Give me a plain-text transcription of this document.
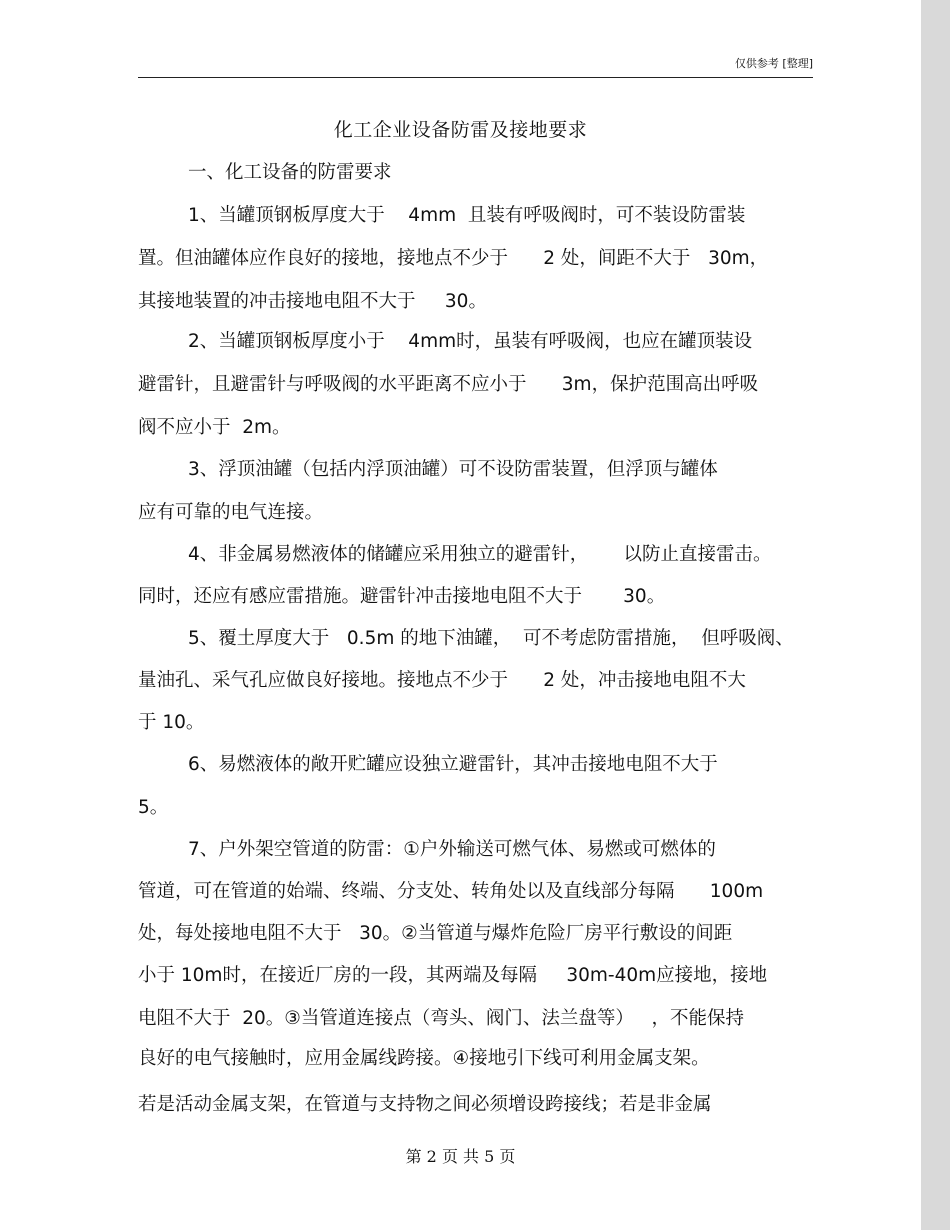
仅供参考 [整理]
化工企业设备防雷及接地要求
一、化工设备的防雷要求
1、当罐顶钢板厚度大于    4mm  且装有呼吸阀时，可不装设防雷装
置。但油罐体应作良好的接地，接地点不少于      2 处，间距不大于   30m，
其接地装置的冲击接地电阻不大于     30。
2、当罐顶钢板厚度小于    4mm时，虽装有呼吸阀，也应在罐顶装设
避雷针，且避雷针与呼吸阀的水平距离不应小于      3m，保护范围高出呼吸
阀不应小于  2m。
3、浮顶油罐（包括内浮顶油罐）可不设防雷装置，但浮顶与罐体
应有可靠的电气连接。
4、非金属易燃液体的储罐应采用独立的避雷针，      以防止直接雷击。
同时，还应有感应雷措施。避雷针冲击接地电阻不大于       30。
5、覆土厚度大于   0.5m 的地下油罐，  可不考虑防雷措施，  但呼吸阀、
量油孔、采气孔应做良好接地。接地点不少于      2 处，冲击接地电阻不大
于 10。
6、易燃液体的敞开贮罐应设独立避雷针，其冲击接地电阻不大于
5。
7、户外架空管道的防雷：①户外输送可燃气体、易燃或可燃体的
管道，可在管道的始端、终端、分支处、转角处以及直线部分每隔      100m
处，每处接地电阻不大于   30。②当管道与爆炸危险厂房平行敷设的间距
小于 10m时，在接近厂房的一段，其两端及每隔     30m-40m应接地，接地
电阻不大于  20。③当管道连接点（弯头、阀门、法兰盘等）   ，不能保持
良好的电气接触时，应用金属线跨接。④接地引下线可利用金属支架。
若是活动金属支架，在管道与支持物之间必须增设跨接线；若是非金属
第 2 页 共 5 页
